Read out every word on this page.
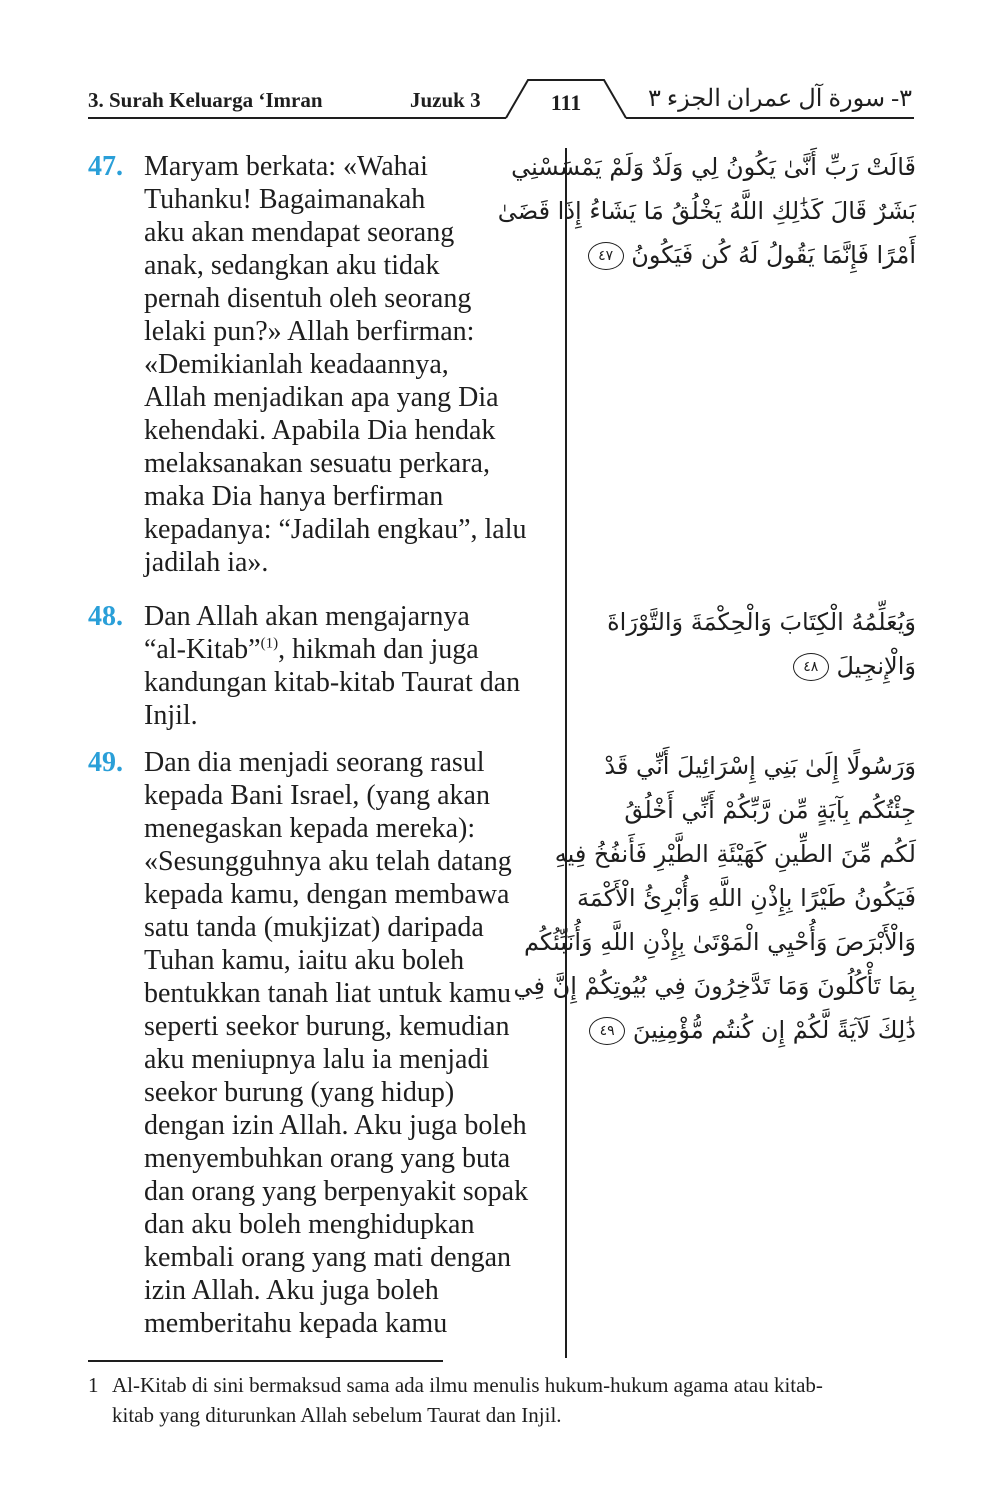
3. Surah Keluarga ‘Imran	Juzuk 3	111	الجزء ٣ ٣- سورة آل عمران
47. Maryam berkata: «Wahai
Tuhanku! Bagaimanakah
aku akan mendapat seorang
anak, sedangkan aku tidak
pernah disentuh oleh seorang
lelaki pun?» Allah berfirman:
«Demikianlah keadaannya,
Allah menjadikan apa yang Dia
kehendaki. Apabila Dia hendak
melaksanakan sesuatu perkara,
maka Dia hanya berfirman
kepadanya: “Jadilah engkau”, lalu
jadilah ia».
قَالَتْ رَبِّ أَنَّىٰ يَكُونُ لِي وَلَدٌ وَلَمْ يَمْسَسْنِي
بَشَرٌ قَالَ كَذَٰلِكِ اللَّهُ يَخْلُقُ مَا يَشَاءُ إِذَا قَضَىٰ
أَمْرًا فَإِنَّمَا يَقُولُ لَهُ كُن فَيَكُونُ ٤٧
48. Dan Allah akan mengajarnya
“al-Kitab”$^{(1)}$, hikmah dan juga
kandungan kitab-kitab Taurat dan
Injil.
وَيُعَلِّمُهُ الْكِتَابَ وَالْحِكْمَةَ وَالتَّوْرَاةَ
وَالْإِنجِيلَ ٤٨
49. Dan dia menjadi seorang rasul
kepada Bani Israel, (yang akan
menegaskan kepada mereka):
«Sesungguhnya aku telah datang
kepada kamu, dengan membawa
satu tanda (mukjizat) daripada
Tuhan kamu, iaitu aku boleh
bentukkan tanah liat untuk kamu
seperti seekor burung, kemudian
aku meniupnya lalu ia menjadi
seekor burung (yang hidup)
dengan izin Allah. Aku juga boleh
menyembuhkan orang yang buta
dan orang yang berpenyakit sopak
dan aku boleh menghidupkan
kembali orang yang mati dengan
izin Allah. Aku juga boleh
memberitahu kepada kamu
وَرَسُولًا إِلَىٰ بَنِي إِسْرَائِيلَ أَنِّي قَدْ
جِئْتُكُم بِآيَةٍ مِّن رَّبِّكُمْ أَنِّي أَخْلُقُ
لَكُم مِّنَ الطِّينِ كَهَيْئَةِ الطَّيْرِ فَأَنفُخُ فِيهِ
فَيَكُونُ طَيْرًا بِإِذْنِ اللَّهِ وَأُبْرِئُ الْأَكْمَهَ
وَالْأَبْرَصَ وَأُحْيِي الْمَوْتَىٰ بِإِذْنِ اللَّهِ وَأُنَبِّئُكُم
بِمَا تَأْكُلُونَ وَمَا تَدَّخِرُونَ فِي بُيُوتِكُمْ إِنَّ فِي
ذَٰلِكَ لَآيَةً لَّكُمْ إِن كُنتُم مُّؤْمِنِينَ ٤٩
1 Al-Kitab di sini bermaksud sama ada ilmu menulis hukum-hukum agama atau kitab-
kitab yang diturunkan Allah sebelum Taurat dan Injil.
